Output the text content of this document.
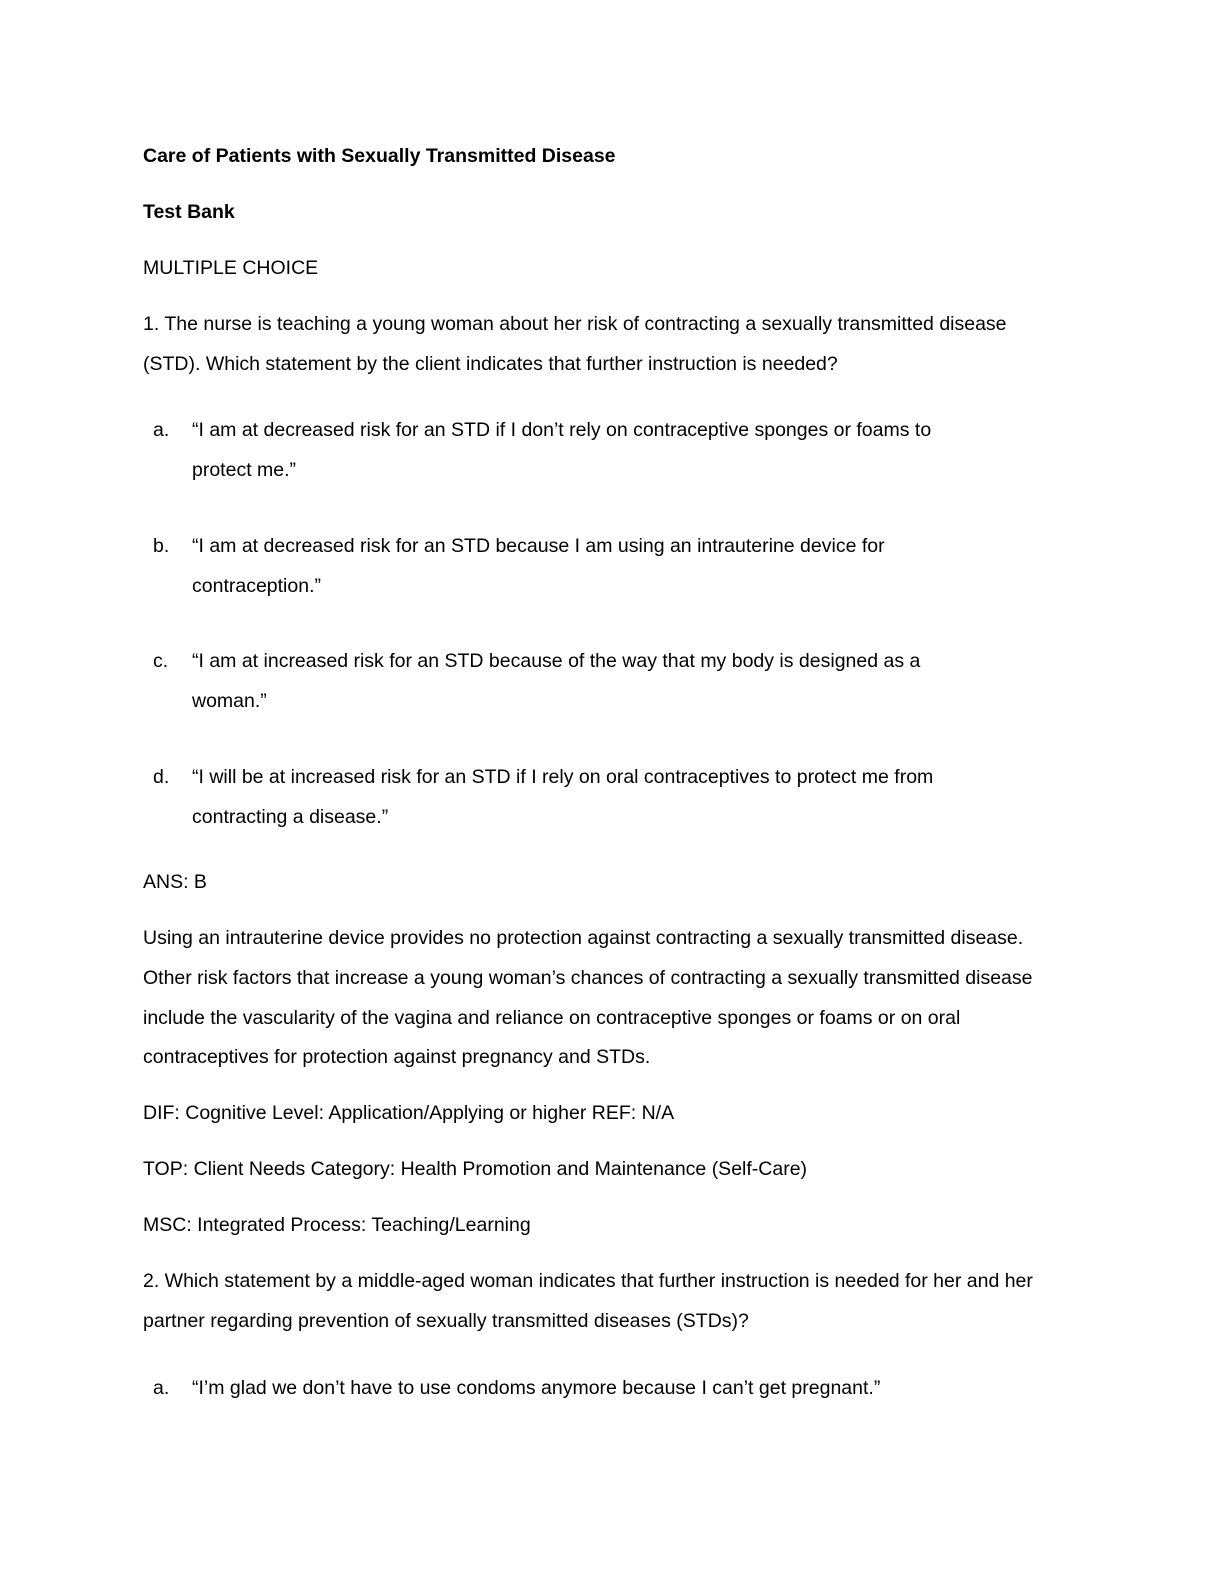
Care of Patients with Sexually Transmitted Disease
Test Bank
MULTIPLE CHOICE
1. The nurse is teaching a young woman about her risk of contracting a sexually transmitted disease
(STD). Which statement by the client indicates that further instruction is needed?
a. “I am at decreased risk for an STD if I don’t rely on contraceptive sponges or foams to
protect me.”
b. “I am at decreased risk for an STD because I am using an intrauterine device for
contraception.”
c. “I am at increased risk for an STD because of the way that my body is designed as a
woman.”
d. “I will be at increased risk for an STD if I rely on oral contraceptives to protect me from
contracting a disease.”
ANS: B
Using an intrauterine device provides no protection against contracting a sexually transmitted disease.
Other risk factors that increase a young woman’s chances of contracting a sexually transmitted disease
include the vascularity of the vagina and reliance on contraceptive sponges or foams or on oral
contraceptives for protection against pregnancy and STDs.
DIF: Cognitive Level: Application/Applying or higher REF: N/A
TOP: Client Needs Category: Health Promotion and Maintenance (Self-Care)
MSC: Integrated Process: Teaching/Learning
2. Which statement by a middle-aged woman indicates that further instruction is needed for her and her
partner regarding prevention of sexually transmitted diseases (STDs)?
a. “I’m glad we don’t have to use condoms anymore because I can’t get pregnant.”
